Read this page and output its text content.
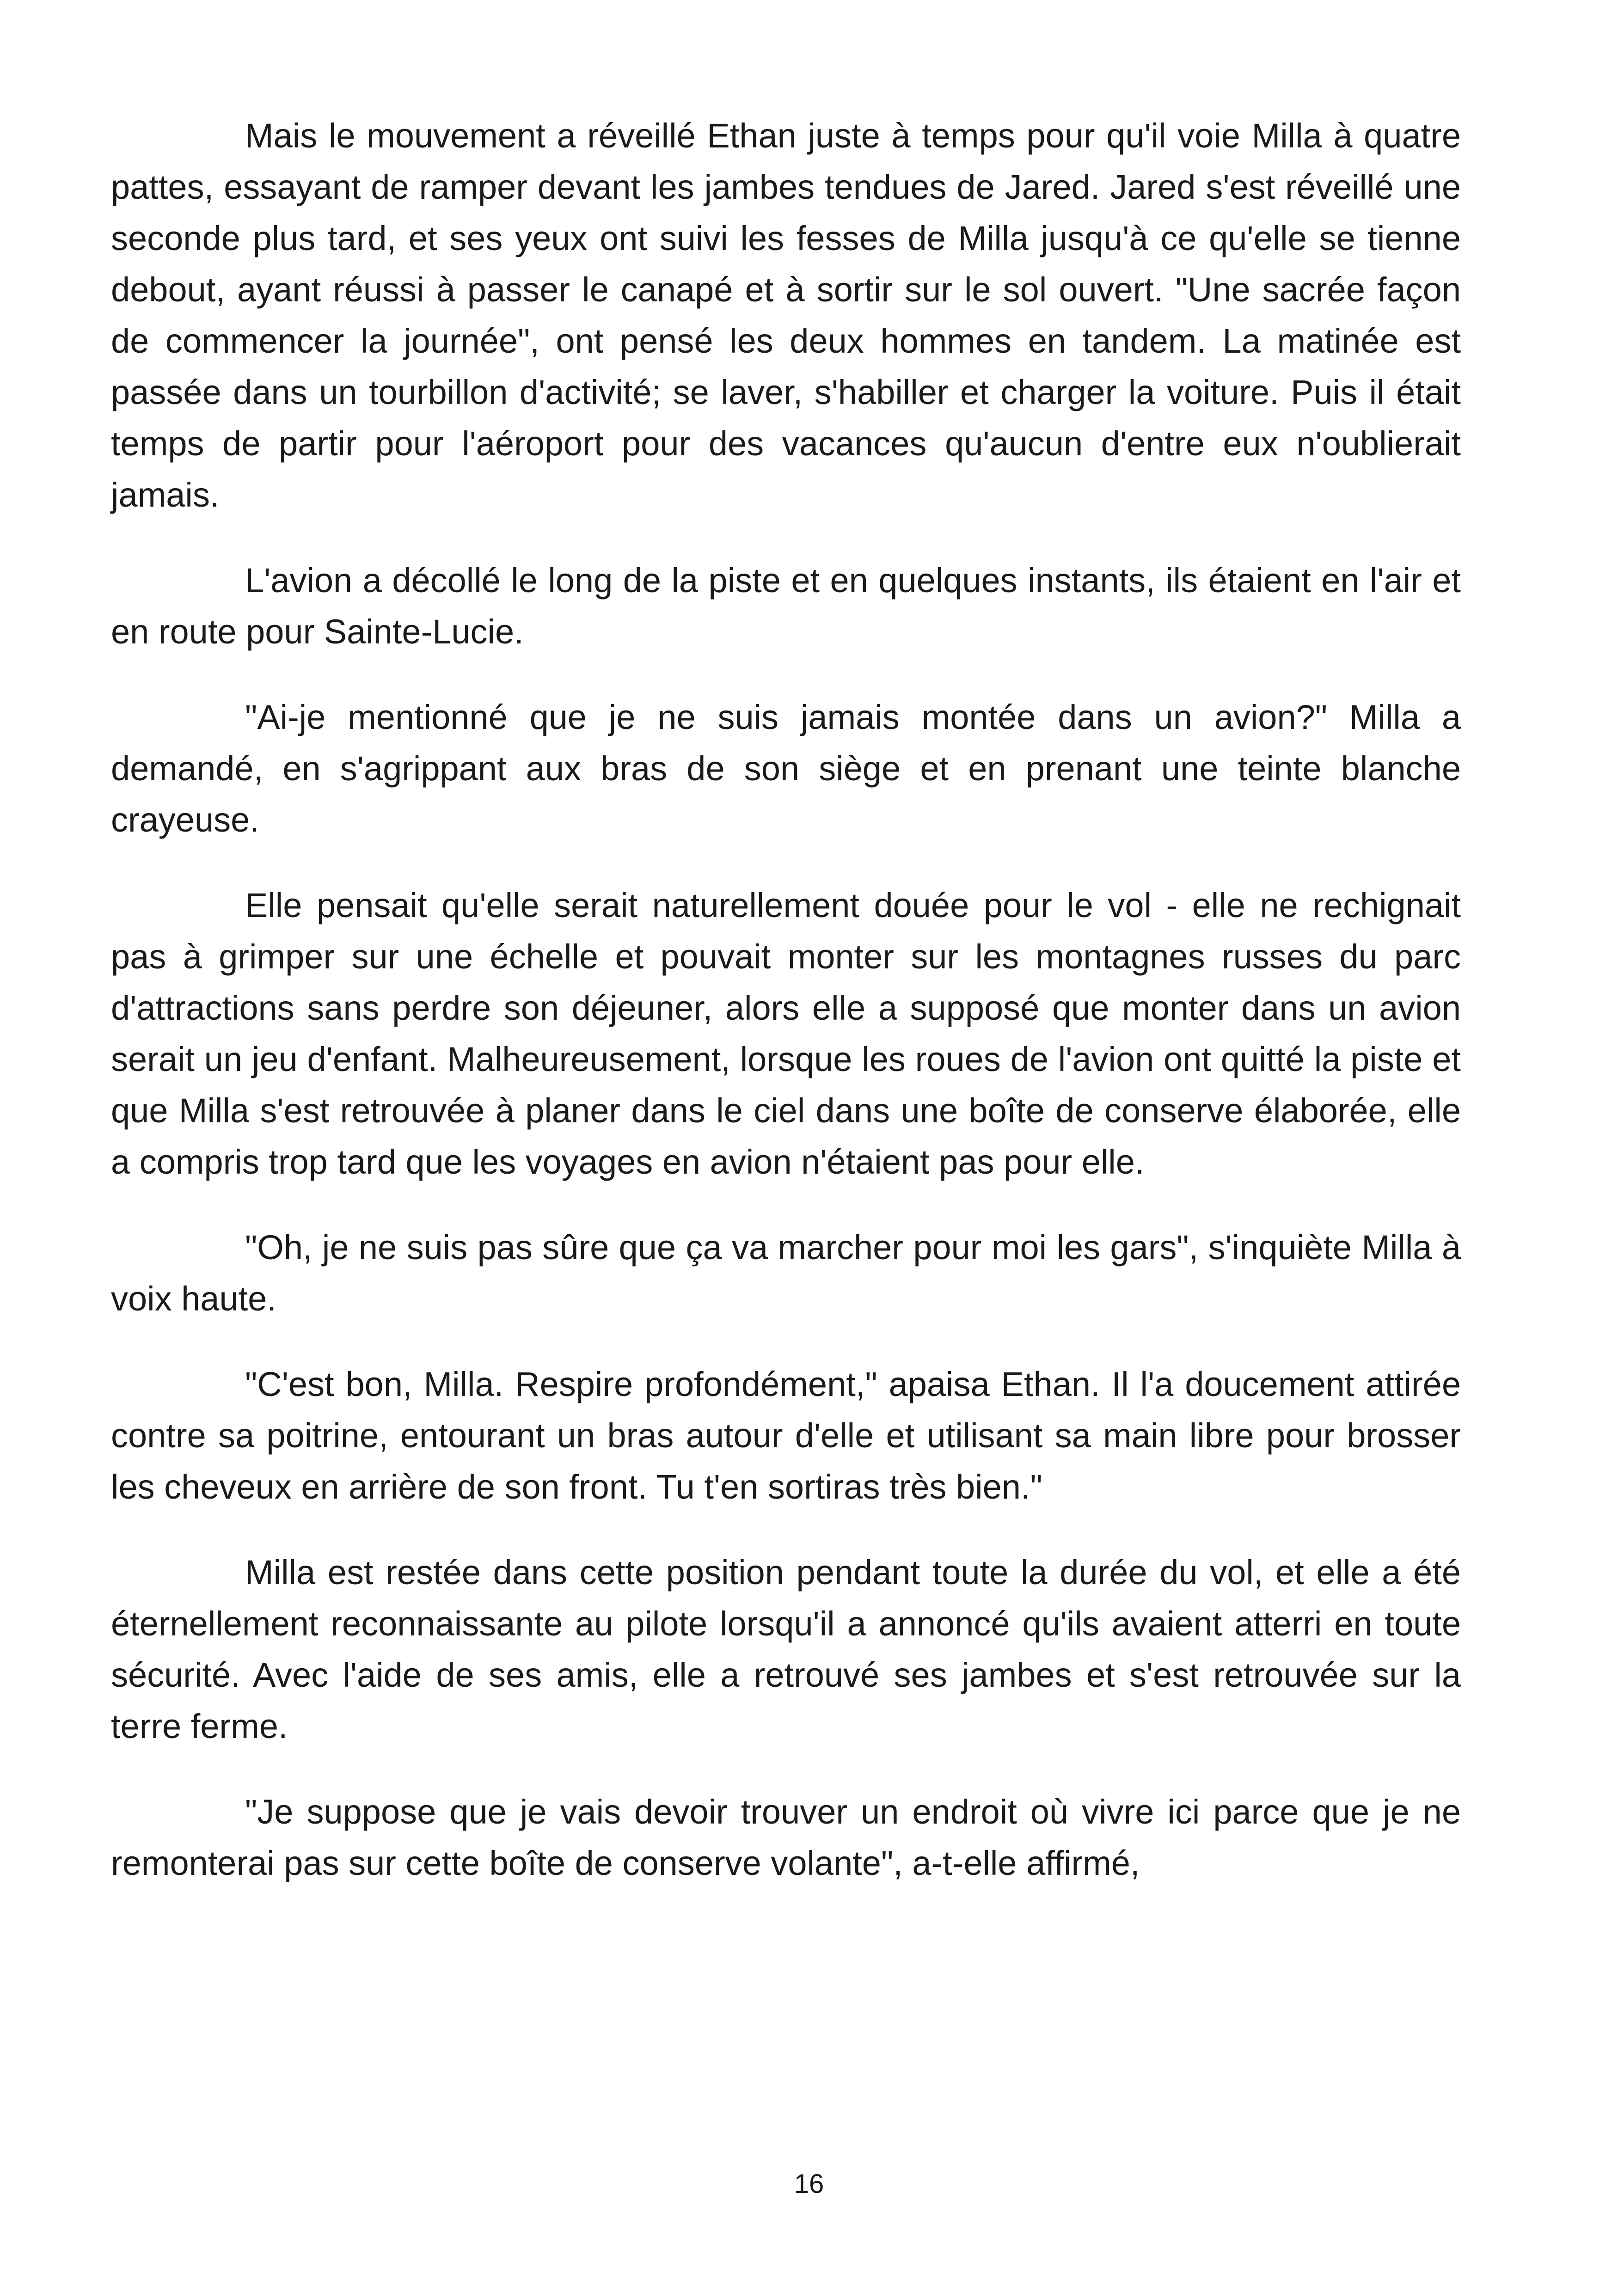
Mais le mouvement a réveillé Ethan juste à temps pour qu'il voie Milla à quatre pattes, essayant de ramper devant les jambes tendues de Jared. Jared s'est réveillé une seconde plus tard, et ses yeux ont suivi les fesses de Milla jusqu'à ce qu'elle se tienne debout, ayant réussi à passer le canapé et à sortir sur le sol ouvert. "Une sacrée façon de commencer la journée", ont pensé les deux hommes en tandem. La matinée est passée dans un tourbillon d'activité; se laver, s'habiller et charger la voiture. Puis il était temps de partir pour l'aéroport pour des vacances qu'aucun d'entre eux n'oublierait jamais.

L'avion a décollé le long de la piste et en quelques instants, ils étaient en l'air et en route pour Sainte-Lucie.

"Ai-je mentionné que je ne suis jamais montée dans un avion?" Milla a demandé, en s'agrippant aux bras de son siège et en prenant une teinte blanche crayeuse.

Elle pensait qu'elle serait naturellement douée pour le vol - elle ne rechignait pas à grimper sur une échelle et pouvait monter sur les montagnes russes du parc d'attractions sans perdre son déjeuner, alors elle a supposé que monter dans un avion serait un jeu d'enfant. Malheureusement, lorsque les roues de l'avion ont quitté la piste et que Milla s'est retrouvée à planer dans le ciel dans une boîte de conserve élaborée, elle a compris trop tard que les voyages en avion n'étaient pas pour elle.

"Oh, je ne suis pas sûre que ça va marcher pour moi les gars", s'inquiète Milla à voix haute.

"C'est bon, Milla. Respire profondément," apaisa Ethan. Il l'a doucement attirée contre sa poitrine, entourant un bras autour d'elle et utilisant sa main libre pour brosser les cheveux en arrière de son front. Tu t'en sortiras très bien."

Milla est restée dans cette position pendant toute la durée du vol, et elle a été éternellement reconnaissante au pilote lorsqu'il a annoncé qu'ils avaient atterri en toute sécurité. Avec l'aide de ses amis, elle a retrouvé ses jambes et s'est retrouvée sur la terre ferme.

"Je suppose que je vais devoir trouver un endroit où vivre ici parce que je ne remonterai pas sur cette boîte de conserve volante", a-t-elle affirmé,

16
